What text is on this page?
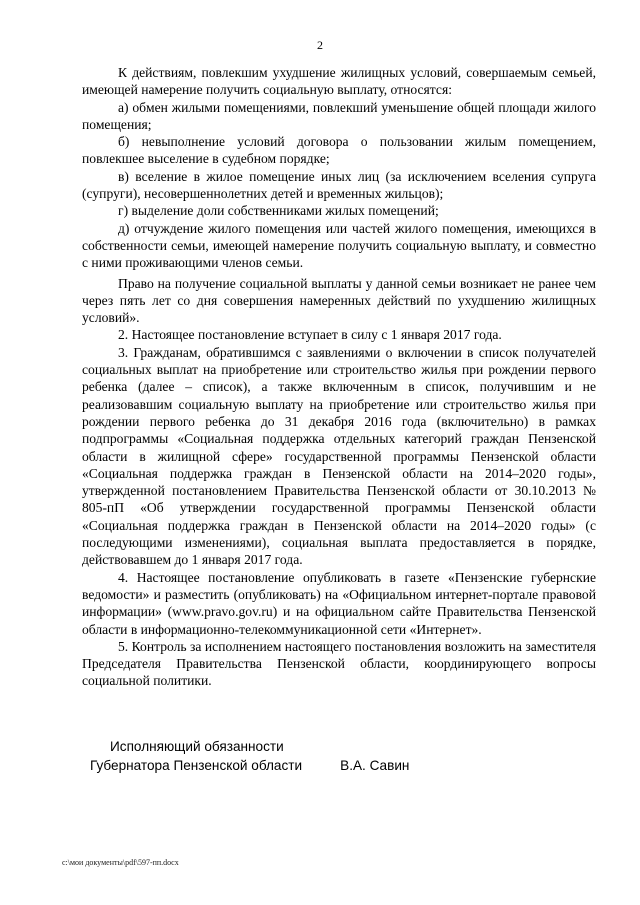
2

К действиям, повлекшим ухудшение жилищных условий, совершаемым семьей, имеющей намерение получить социальную выплату, относятся:

а) обмен жилыми помещениями, повлекший уменьшение общей площади жилого помещения;

б) невыполнение условий договора о пользовании жилым помещением, повлекшее выселение в судебном порядке;

в) вселение в жилое помещение иных лиц (за исключением вселения супруга (супруги), несовершеннолетних детей и временных жильцов);

г) выделение доли собственниками жилых помещений;

д) отчуждение жилого помещения или частей жилого помещения, имеющихся в собственности семьи, имеющей намерение получить социальную выплату, и совместно с ними проживающими членов семьи.

Право на получение социальной выплаты у данной семьи возникает не ранее чем через пять лет со дня совершения намеренных действий по ухудшению жилищных условий».

2. Настоящее постановление вступает в силу с 1 января 2017 года.

3. Гражданам, обратившимся с заявлениями о включении в список получателей социальных выплат на приобретение или строительство жилья при рождении первого ребенка (далее – список), а также включенным в список, получившим и не реализовавшим социальную выплату на приобретение или строительство жилья при рождении первого ребенка до 31 декабря 2016 года (включительно) в рамках подпрограммы «Социальная поддержка отдельных категорий граждан Пензенской области в жилищной сфере» государственной программы Пензенской области «Социальная поддержка граждан в Пензенской области на 2014–2020 годы», утвержденной постановлением Правительства Пензенской области от 30.10.2013 № 805-пП «Об утверждении государственной программы Пензенской области «Социальная поддержка граждан в Пензенской области на 2014–2020 годы» (с последующими изменениями), социальная выплата предоставляется в порядке, действовавшем до 1 января 2017 года.

4. Настоящее постановление опубликовать в газете «Пензенские губернские ведомости» и разместить (опубликовать) на «Официальном интернет-портале правовой информации» (www.pravo.gov.ru) и на официальном сайте Правительства Пензенской области в информационно-телекоммуникационной сети «Интернет».

5. Контроль за исполнением настоящего постановления возложить на заместителя Председателя Правительства Пензенской области, координирующего вопросы социальной политики.

Исполняющий обязанности
Губернатора Пензенской области	В.А. Савин
c:\мои документы\pdf\597-пп.docx
